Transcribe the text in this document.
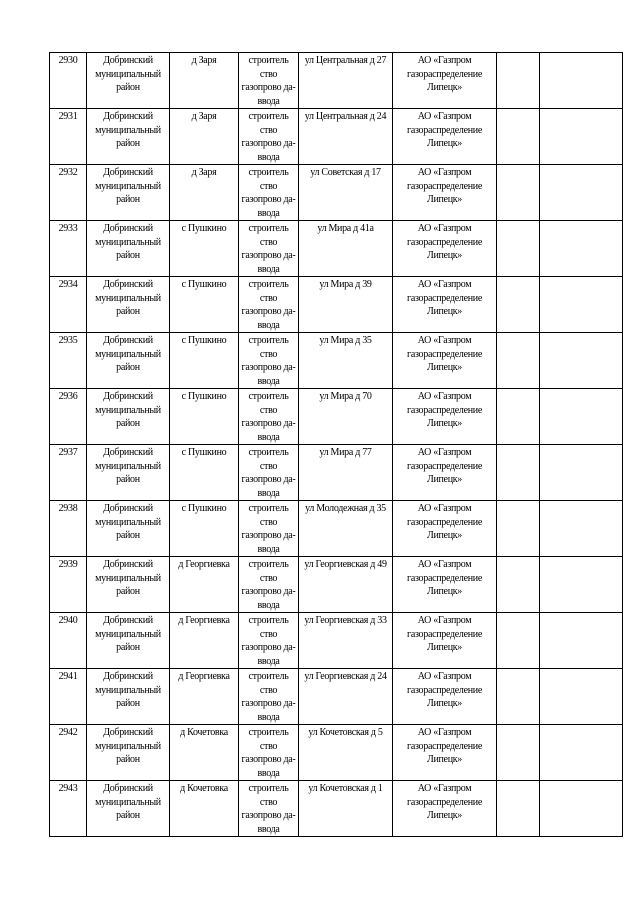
2930	Добринский муниципальный район	д Заря	строитель ство газопрово да-ввода	ул Центральная д 27	АО «Газпром газораспределение Липецк»		
2931	Добринский муниципальный район	д Заря	строитель ство газопрово да-ввода	ул Центральная д 24	АО «Газпром газораспределение Липецк»		
2932	Добринский муниципальный район	д Заря	строитель ство газопрово да-ввода	ул Советская д 17	АО «Газпром газораспределение Липецк»		
2933	Добринский муниципальный район	с Пушкино	строитель ство газопрово да-ввода	ул Мира д 41а	АО «Газпром газораспределение Липецк»		
2934	Добринский муниципальный район	с Пушкино	строитель ство газопрово да-ввода	ул Мира д 39	АО «Газпром газораспределение Липецк»		
2935	Добринский муниципальный район	с Пушкино	строитель ство газопрово да-ввода	ул Мира д 35	АО «Газпром газораспределение Липецк»		
2936	Добринский муниципальный район	с Пушкино	строитель ство газопрово да-ввода	ул Мира д 70	АО «Газпром газораспределение Липецк»		
2937	Добринский муниципальный район	с Пушкино	строитель ство газопрово да-ввода	ул Мира д 77	АО «Газпром газораспределение Липецк»		
2938	Добринский муниципальный район	с Пушкино	строитель ство газопрово да-ввода	ул Молодежная д 35	АО «Газпром газораспределение Липецк»		
2939	Добринский муниципальный район	д Георгиевка	строитель ство газопрово да-ввода	ул Георгиевская д 49	АО «Газпром газораспределение Липецк»		
2940	Добринский муниципальный район	д Георгиевка	строитель ство газопрово да-ввода	ул Георгиевская д 33	АО «Газпром газораспределение Липецк»		
2941	Добринский муниципальный район	д Георгиевка	строитель ство газопрово да-ввода	ул Георгиевская д 24	АО «Газпром газораспределение Липецк»		
2942	Добринский муниципальный район	д Кочетовка	строитель ство газопрово да-ввода	ул Кочетовская д 5	АО «Газпром газораспределение Липецк»		
2943	Добринский муниципальный район	д Кочетовка	строитель ство газопрово да-ввода	ул Кочетовская д 1	АО «Газпром газораспределение Липецк»		
